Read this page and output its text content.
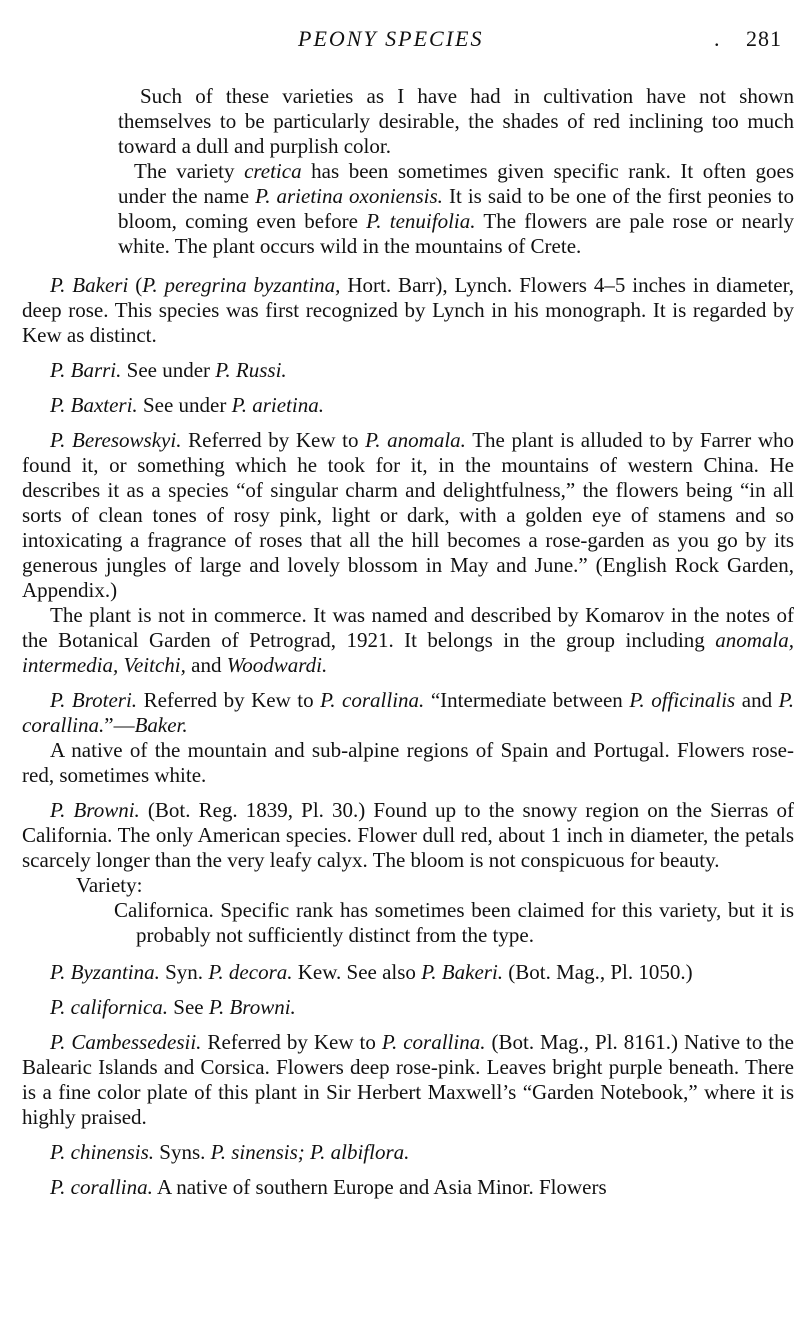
PEONY SPECIES	. 281

Such of these varieties as I have had in cultivation have not shown themselves to be particularly desirable, the shades of red inclining too much toward a dull and purplish color.

The variety cretica has been sometimes given specific rank. It often goes under the name P. arietina oxoniensis. It is said to be one of the first peonies to bloom, coming even before P. tenuifolia. The flowers are pale rose or nearly white. The plant occurs wild in the mountains of Crete.

P. Bakeri (P. peregrina byzantina, Hort. Barr), Lynch. Flowers 4–5 inches in diameter, deep rose. This species was first recognized by Lynch in his monograph. It is regarded by Kew as distinct.

P. Barri. See under P. Russi.

P. Baxteri. See under P. arietina.

P. Beresowskyi. Referred by Kew to P. anomala. The plant is alluded to by Farrer who found it, or something which he took for it, in the mountains of western China. He describes it as a species “of singular charm and delightfulness,” the flowers being “in all sorts of clean tones of rosy pink, light or dark, with a golden eye of stamens and so intoxicating a fragrance of roses that all the hill becomes a rose-garden as you go by its generous jungles of large and lovely blossom in May and June.” (English Rock Garden, Appendix.)

The plant is not in commerce. It was named and described by Komarov in the notes of the Botanical Garden of Petrograd, 1921. It belongs in the group including anomala, intermedia, Veitchi, and Woodwardi.

P. Broteri. Referred by Kew to P. corallina. “Intermediate between P. officinalis and P. corallina.”—Baker.

A native of the mountain and sub-alpine regions of Spain and Portugal. Flowers rose-red, sometimes white.

P. Browni. (Bot. Reg. 1839, Pl. 30.) Found up to the snowy region on the Sierras of California. The only American species. Flower dull red, about 1 inch in diameter, the petals scarcely longer than the very leafy calyx. The bloom is not conspicuous for beauty.

Variety:

Californica. Specific rank has sometimes been claimed for this variety, but it is probably not sufficiently distinct from the type.

P. Byzantina. Syn. P. decora. Kew. See also P. Bakeri. (Bot. Mag., Pl. 1050.)

P. californica. See P. Browni.

P. Cambessedesii. Referred by Kew to P. corallina. (Bot. Mag., Pl. 8161.) Native to the Balearic Islands and Corsica. Flowers deep rose-pink. Leaves bright purple beneath. There is a fine color plate of this plant in Sir Herbert Maxwell’s “Garden Notebook,” where it is highly praised.

P. chinensis. Syns. P. sinensis; P. albiflora.

P. corallina. A native of southern Europe and Asia Minor. Flowers
